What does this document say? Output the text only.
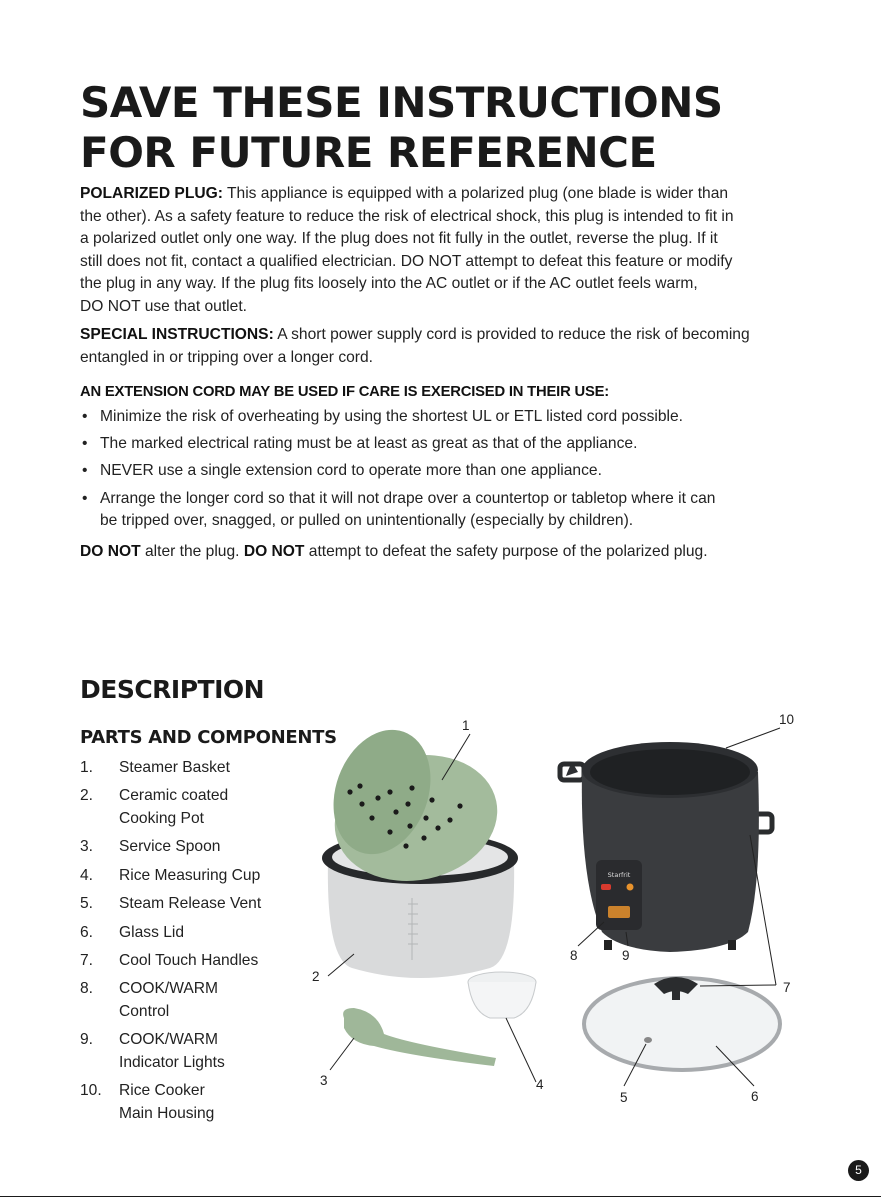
SAVE THESE INSTRUCTIONS
FOR FUTURE REFERENCE
POLARIZED PLUG: This appliance is equipped with a polarized plug (one blade is wider than
the other). As a safety feature to reduce the risk of electrical shock, this plug is intended to fit in
a polarized outlet only one way. If the plug does not fit fully in the outlet, reverse the plug. If it
still does not fit, contact a qualified electrician. DO NOT attempt to defeat this feature or modify
the plug in any way. If the plug fits loosely into the AC outlet or if the AC outlet feels warm,
DO NOT use that outlet.
SPECIAL INSTRUCTIONS: A short power supply cord is provided to reduce the risk of becoming
entangled in or tripping over a longer cord.
AN EXTENSION CORD MAY BE USED IF CARE IS EXERCISED IN THEIR USE:
• Minimize the risk of overheating by using the shortest UL or ETL listed cord possible.
• The marked electrical rating must be at least as great as that of the appliance.
• NEVER use a single extension cord to operate more than one appliance.
• Arrange the longer cord so that it will not drape over a countertop or tabletop where it can
be tripped over, snagged, or pulled on unintentionally (especially by children).
DO NOT alter the plug. DO NOT attempt to defeat the safety purpose of the polarized plug.
DESCRIPTION
PARTS AND COMPONENTS
1. Steamer Basket
2. Ceramic coated
Cooking Pot
3. Service Spoon
4. Rice Measuring Cup
5. Steam Release Vent
6. Glass Lid
7. Cool Touch Handles
8. COOK/WARM
Control
9. COOK/WARM
Indicator Lights
10. Rice Cooker
Main Housing
Starfrit
1
2
3	4
5	6
7
8	9
10
5
